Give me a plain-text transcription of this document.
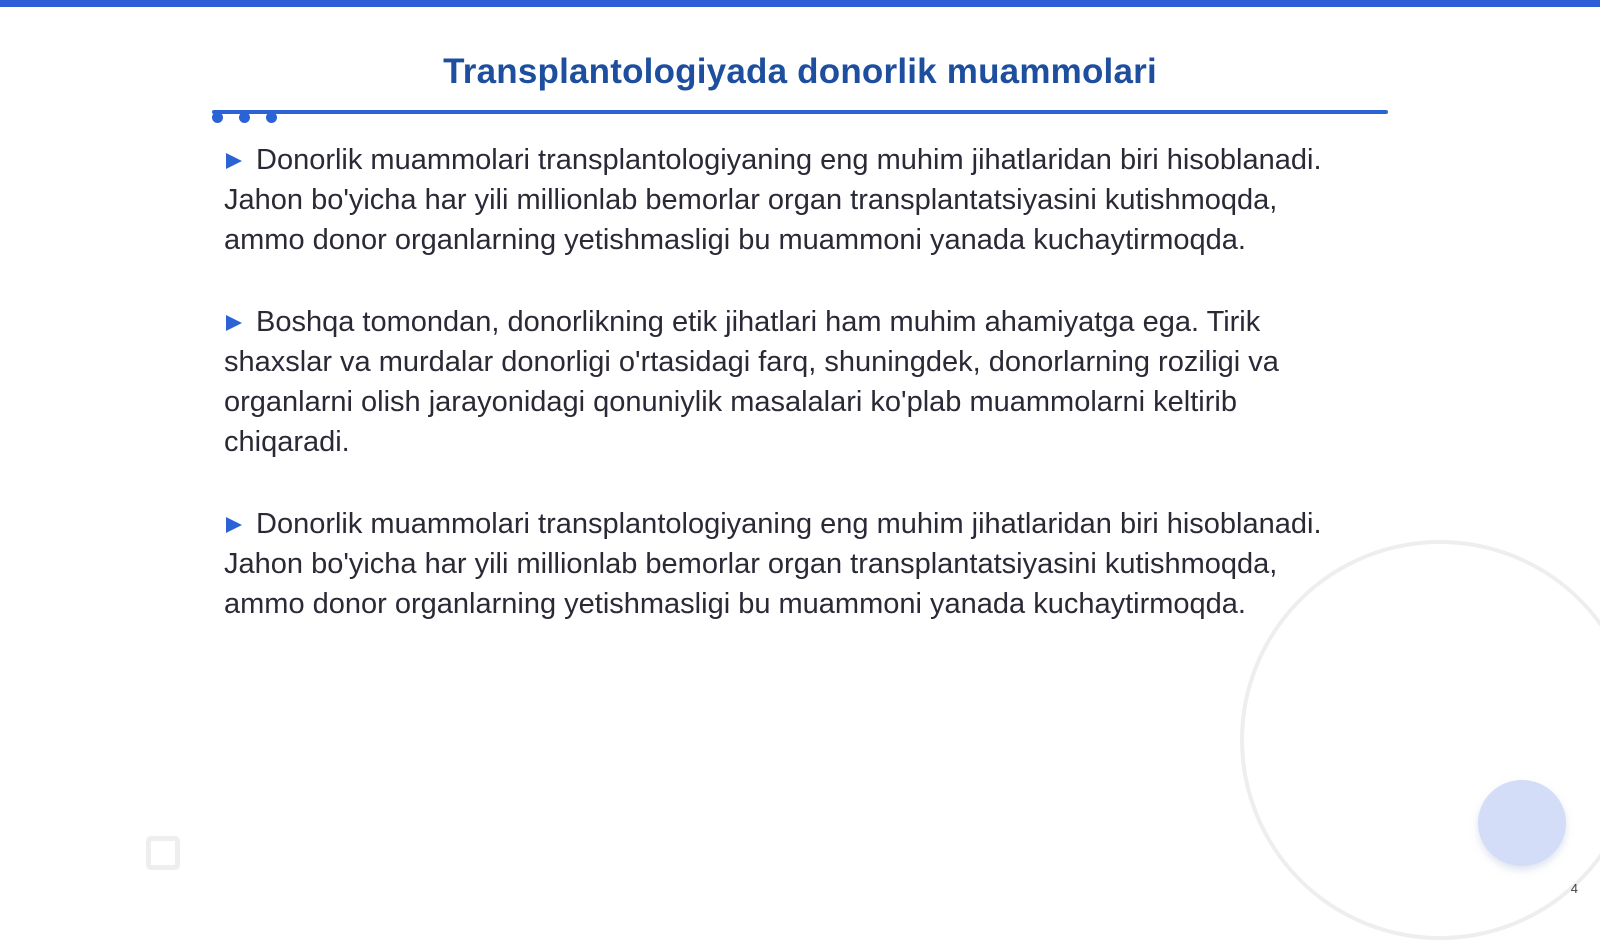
Transplantologiyada donorlik muammolari

Donorlik muammolari transplantologiyaning eng muhim jihatlaridan biri hisoblanadi. Jahon bo'yicha har yili millionlab bemorlar organ transplantatsiyasini kutishmoqda, ammo donor organlarning yetishmasligi bu muammoni yanada kuchaytirmoqda.

Boshqa tomondan, donorlikning etik jihatlari ham muhim ahamiyatga ega. Tirik shaxslar va murdalar donorligi o'rtasidagi farq, shuningdek, donorlarning roziligi va organlarni olish jarayonidagi qonuniylik masalalari ko'plab muammolarni keltirib chiqaradi.

Donorlik muammolari transplantologiyaning eng muhim jihatlaridan biri hisoblanadi. Jahon bo'yicha har yili millionlab bemorlar organ transplantatsiyasini kutishmoqda, ammo donor organlarning yetishmasligi bu muammoni yanada kuchaytirmoqda.

4
